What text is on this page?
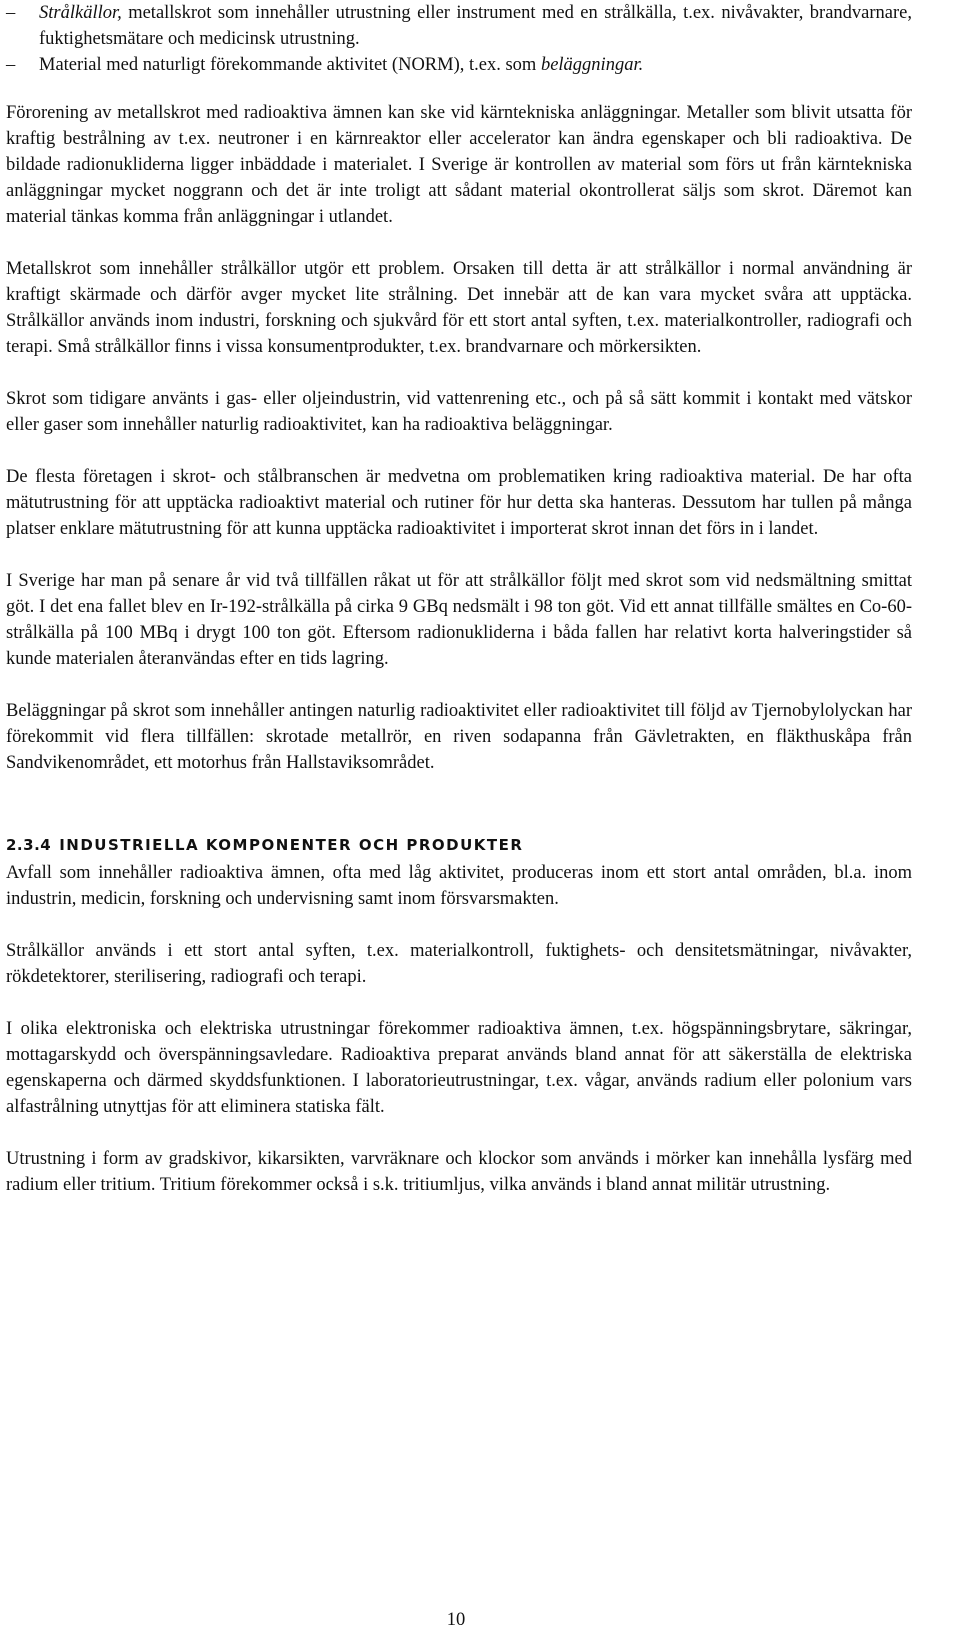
– Strålkällor, metallskrot som innehåller utrustning eller instrument med en strålkälla, t.ex. nivåvakter, brandvarnare, fuktighetsmätare och medicinsk utrustning.
– Material med naturligt förekommande aktivitet (NORM), t.ex. som beläggningar.

Förorening av metallskrot med radioaktiva ämnen kan ske vid kärntekniska anläggningar. Metaller som blivit utsatta för kraftig bestrålning av t.ex. neutroner i en kärnreaktor eller accelerator kan ändra egenskaper och bli radioaktiva. De bildade radionukliderna ligger inbäddade i materialet. I Sverige är kontrollen av material som förs ut från kärntekniska anläggningar mycket noggrann och det är inte troligt att sådant material okontrollerat säljs som skrot. Däremot kan material tänkas komma från anläggningar i utlandet.

Metallskrot som innehåller strålkällor utgör ett problem. Orsaken till detta är att strålkällor i normal användning är kraftigt skärmade och därför avger mycket lite strålning. Det innebär att de kan vara mycket svåra att upptäcka. Strålkällor används inom industri, forskning och sjukvård för ett stort antal syften, t.ex. materialkontroller, radiografi och terapi. Små strålkällor finns i vissa konsumentprodukter, t.ex. brandvarnare och mörkersikten.

Skrot som tidigare använts i gas- eller oljeindustrin, vid vattenrening etc., och på så sätt kommit i kontakt med vätskor eller gaser som innehåller naturlig radioaktivitet, kan ha radioaktiva beläggningar.

De flesta företagen i skrot- och stålbranschen är medvetna om problematiken kring radioaktiva material. De har ofta mätutrustning för att upptäcka radioaktivt material och rutiner för hur detta ska hanteras. Dessutom har tullen på många platser enklare mätutrustning för att kunna upptäcka radioaktivitet i importerat skrot innan det förs in i landet.

I Sverige har man på senare år vid två tillfällen råkat ut för att strålkällor följt med skrot som vid nedsmältning smittat göt. I det ena fallet blev en Ir-192-strålkälla på cirka 9 GBq nedsmält i 98 ton göt. Vid ett annat tillfälle smältes en Co-60-strålkälla på 100 MBq i drygt 100 ton göt. Eftersom radionukliderna i båda fallen har relativt korta halveringstider så kunde materialen återanvändas efter en tids lagring.

Beläggningar på skrot som innehåller antingen naturlig radioaktivitet eller radioaktivitet till följd av Tjernobylolyckan har förekommit vid flera tillfällen: skrotade metallrör, en riven sodapanna från Gävletrakten, en fläkthuskåpa från Sandvikenområdet, ett motorhus från Hallstaviksområdet.

2.3.4 INDUSTRIELLA KOMPONENTER OCH PRODUKTER

Avfall som innehåller radioaktiva ämnen, ofta med låg aktivitet, produceras inom ett stort antal områden, bl.a. inom industrin, medicin, forskning och undervisning samt inom försvarsmakten.

Strålkällor används i ett stort antal syften, t.ex. materialkontroll, fuktighets- och densitetsmätningar, nivåvakter, rökdetektorer, sterilisering, radiografi och terapi.

I olika elektroniska och elektriska utrustningar förekommer radioaktiva ämnen, t.ex. högspänningsbrytare, säkringar, mottagarskydd och överspänningsavledare. Radioaktiva preparat används bland annat för att säkerställa de elektriska egenskaperna och därmed skyddsfunktionen. I laboratorieutrustningar, t.ex. vågar, används radium eller polonium vars alfastrålning utnyttjas för att eliminera statiska fält.

Utrustning i form av gradskivor, kikarsikten, varvräknare och klockor som används i mörker kan innehålla lysfärg med radium eller tritium. Tritium förekommer också i s.k. tritiumljus, vilka används i bland annat militär utrustning.

10
